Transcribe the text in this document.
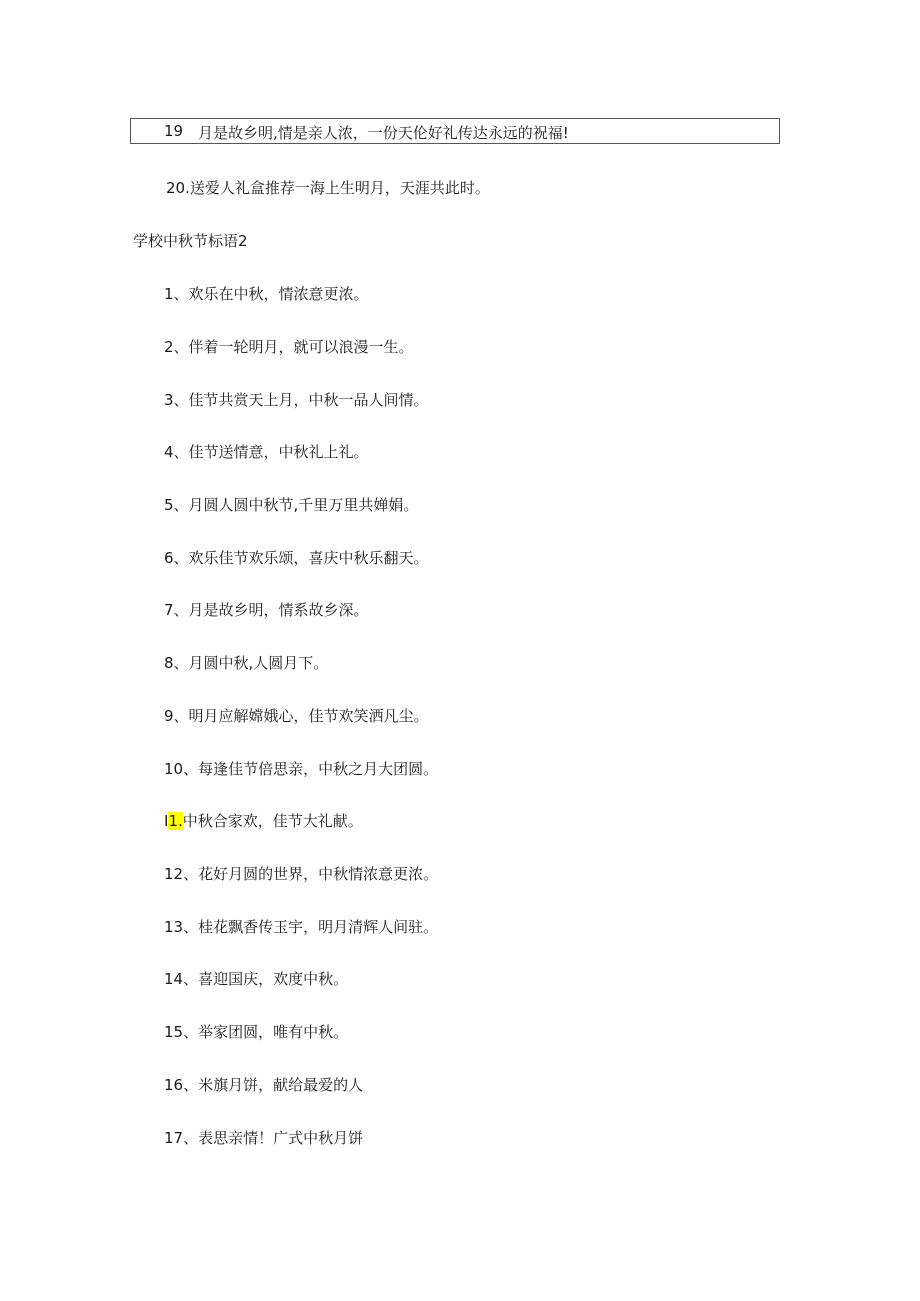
19 月是故乡明,情是亲人浓，一份天伦好礼传达永远的祝福!
20.送爱人礼盒推荐一海上生明月，天涯共此时。
学校中秋节标语2
1、欢乐在中秋，情浓意更浓。
2、伴着一轮明月，就可以浪漫一生。
3、佳节共赏天上月，中秋一品人间情。
4、佳节送情意，中秋礼上礼。
5、月圆人圆中秋节,千里万里共婵娟。
6、欢乐佳节欢乐颂，喜庆中秋乐翻天。
7、月是故乡明，情系故乡深。
8、月圆中秋,人圆月下。
9、明月应解嫦娥心，佳节欢笑洒凡尘。
10、每逢佳节倍思亲，中秋之月大团圆。
I1.中秋合家欢，佳节大礼献。
12、花好月圆的世界，中秋情浓意更浓。
13、桂花飘香传玉宇，明月清辉人间驻。
14、喜迎国庆，欢度中秋。
15、举家团圆，唯有中秋。
16、米旗月饼，献给最爱的人
17、表思亲情！广式中秋月饼
